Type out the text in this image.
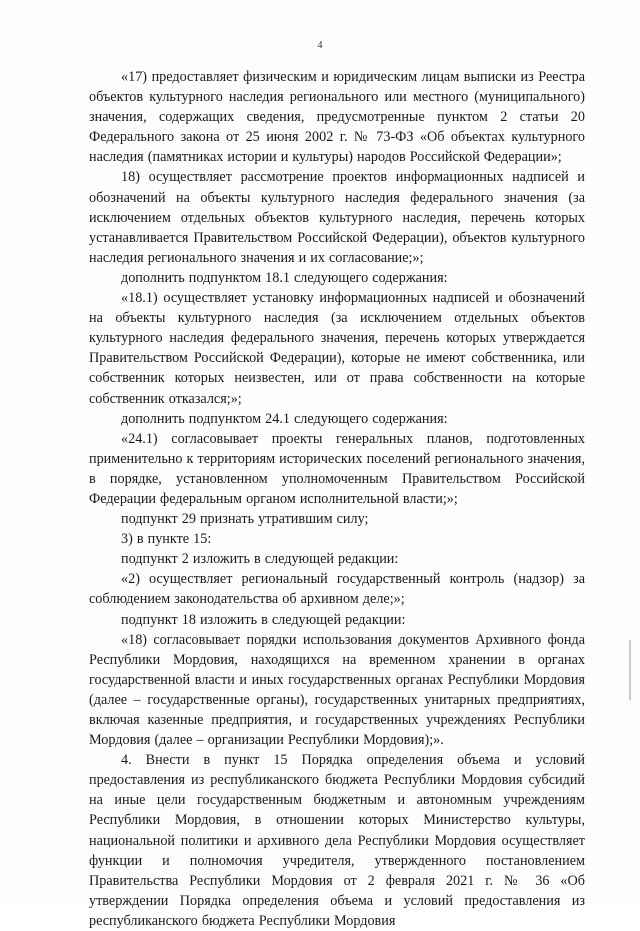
4

«17) предоставляет физическим и юридическим лицам выписки из Реестра объектов культурного наследия регионального или местного (муниципального) значения, содержащих сведения, предусмотренные пунктом 2 статьи 20 Федерального закона от 25 июня 2002 г. № 73-ФЗ «Об объектах культурного наследия (памятниках истории и культуры) народов Российской Федерации»;

18) осуществляет рассмотрение проектов информационных надписей и обозначений на объекты культурного наследия федерального значения (за исключением отдельных объектов культурного наследия, перечень которых устанавливается Правительством Российской Федерации), объектов культурного наследия регионального значения и их согласование;»;

дополнить подпунктом 18.1 следующего содержания:

«18.1) осуществляет установку информационных надписей и обозначений на объекты культурного наследия (за исключением отдельных объектов культурного наследия федерального значения, перечень которых утверждается Правительством Российской Федерации), которые не имеют собственника, или собственник которых неизвестен, или от права собственности на которые собственник отказался;»;

дополнить подпунктом 24.1 следующего содержания:

«24.1) согласовывает проекты генеральных планов, подготовленных применительно к территориям исторических поселений регионального значения, в порядке, установленном уполномоченным Правительством Российской Федерации федеральным органом исполнительной власти;»;

подпункт 29 признать утратившим силу;

3) в пункте 15:

подпункт 2 изложить в следующей редакции:

«2) осуществляет региональный государственный контроль (надзор) за соблюдением законодательства об архивном деле;»;

подпункт 18 изложить в следующей редакции:

«18) согласовывает порядки использования документов Архивного фонда Республики Мордовия, находящихся на временном хранении в органах государственной власти и иных государственных органах Республики Мордовия (далее – государственные органы), государственных унитарных предприятиях, включая казенные предприятия, и государственных учреждениях Республики Мордовия (далее – организации Республики Мордовия);».

4. Внести в пункт 15 Порядка определения объема и условий предоставления из республиканского бюджета Республики Мордовия субсидий на иные цели государственным бюджетным и автономным учреждениям Республики Мордовия, в отношении которых Министерство культуры, национальной политики и архивного дела Республики Мордовия осуществляет функции и полномочия учредителя, утвержденного постановлением Правительства Республики Мордовия от 2 февраля 2021 г. № 36 «Об утверждении Порядка определения объема и условий предоставления из республиканского бюджета Республики Мордовия
